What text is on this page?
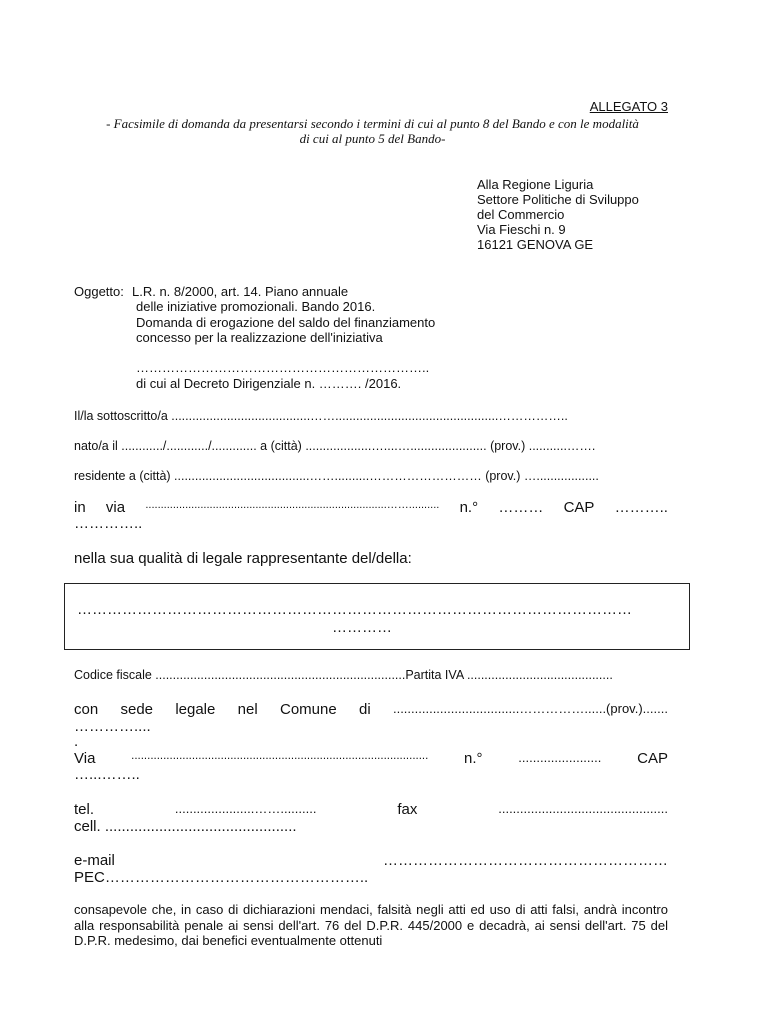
ALLEGATO 3
- Facsimile di domanda da presentarsi secondo i termini di cui al punto 8 del Bando e con le modalità
di cui al punto 5 del Bando-
Alla Regione Liguria
Settore Politiche di Sviluppo
del Commercio
Via Fieschi n. 9
16121 GENOVA GE
Oggetto: L.R. n. 8/2000, art. 14. Piano annuale
delle iniziative promozionali. Bando 2016.
Domanda di erogazione del saldo del finanziamento
concesso per la realizzazione dell'iniziativa
…………………………………………………………..
di cui al Decreto Dirigenziale n. ………. /2016.
Il/la sottoscritto/a ........................................……...............................................……………..
nato/a il ............/............/............. a (città) ...................…....…...................... (prov.) ...........…….
residente a (città) .......................................……..........……………………… (prov.) …..................
in via ...............................................................................…….......... n.° ……… CAP ………..
…………..
nella sua qualità di legale rappresentante del/della:
…………………………………………………………………………………………………
…………
Codice fiscale ........................................................................Partita IVA ..........................................
con sede legale nel Comune di ...................................……………......(prov.).......
…………....
.
Via	............................................................................................. n.°	....................... CAP
…...……..
tel.	......................……..........	fax	...............................................
cell. ..............................................
e-mail	…………………………………………………
PEC……………………………………………..
consapevole che, in caso di dichiarazioni mendaci, falsità negli atti ed uso di atti falsi, andrà incontro alla responsabilità penale ai sensi dell'art. 76 del D.P.R. 445/2000 e decadrà, ai sensi dell'art. 75 del D.P.R. medesimo, dai benefici eventualmente ottenuti
